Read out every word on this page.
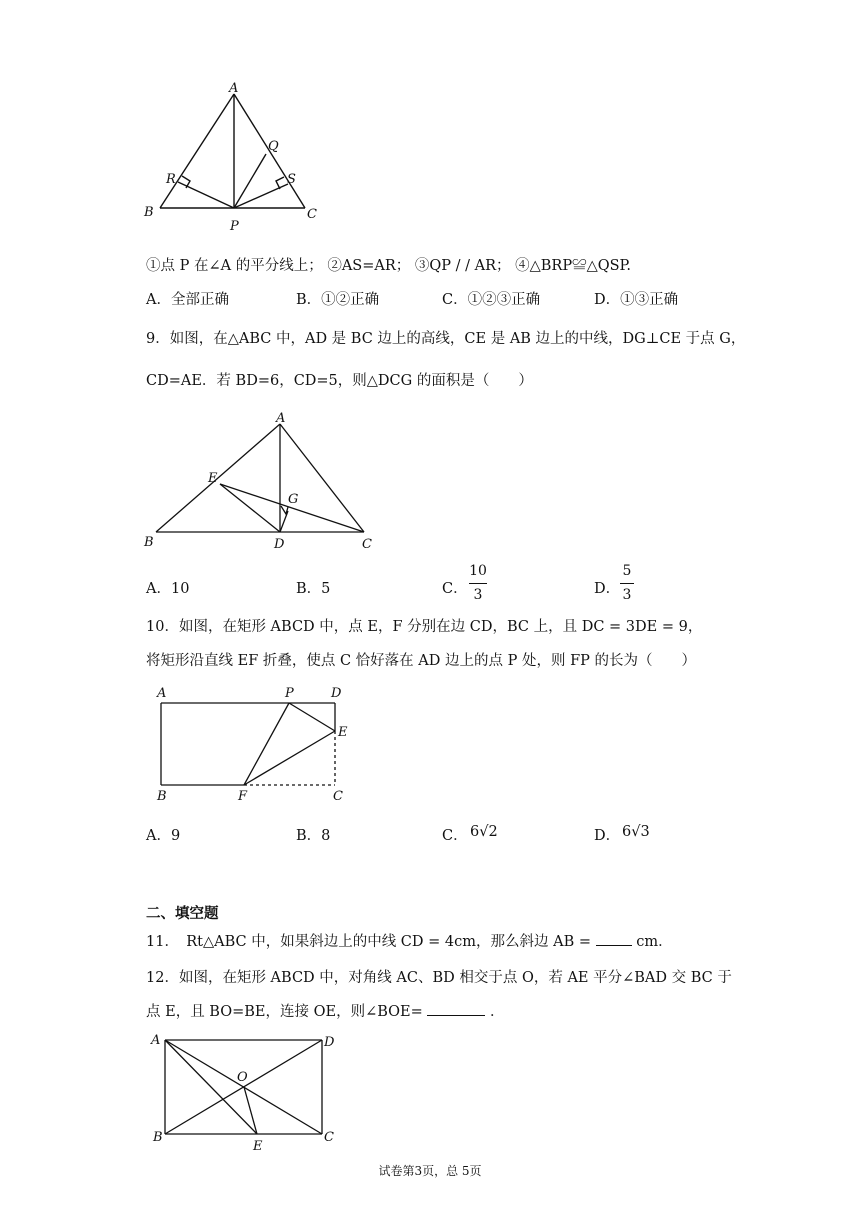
A
B	C
P
Q
R	S
①点 P 在∠A 的平分线上； ②AS=AR； ③QP / / AR； ④△BRP≌△QSP.
A．全部正确	B．①②正确	C．①②③正确	D．①③正确
9．如图，在△ABC 中，AD 是 BC 边上的高线，CE 是 AB 边上的中线，DG⊥CE 于点 G，
CD=AE．若 BD=6，CD=5，则△DCG 的面积是（　　）
A
B	C
D
E
G
A．10	B．5	C．
10
3	D．
5
3
10．如图，在矩形 ABCD 中，点 E，F 分别在边 CD，BC 上，且 DC = 3DE = 9，
将矩形沿直线 EF 折叠，使点 C 恰好落在 AD 边上的点 P 处，则 FP 的长为（　　）
A	P	D
E
B	F	C
A．9	B．8	C． 6√2	D． 6√3
二、填空题
11．　Rt△ABC 中，如果斜边上的中线 CD = 4cm，那么斜边 AB =	cm．
12．如图，在矩形 ABCD 中，对角线 AC、BD 相交于点 O，若 AE 平分∠BAD 交 BC 于
点 E，且 BO=BE，连接 OE，则∠BOE=	．
A	D
O
B
E
C
试卷第3页，总 5页
